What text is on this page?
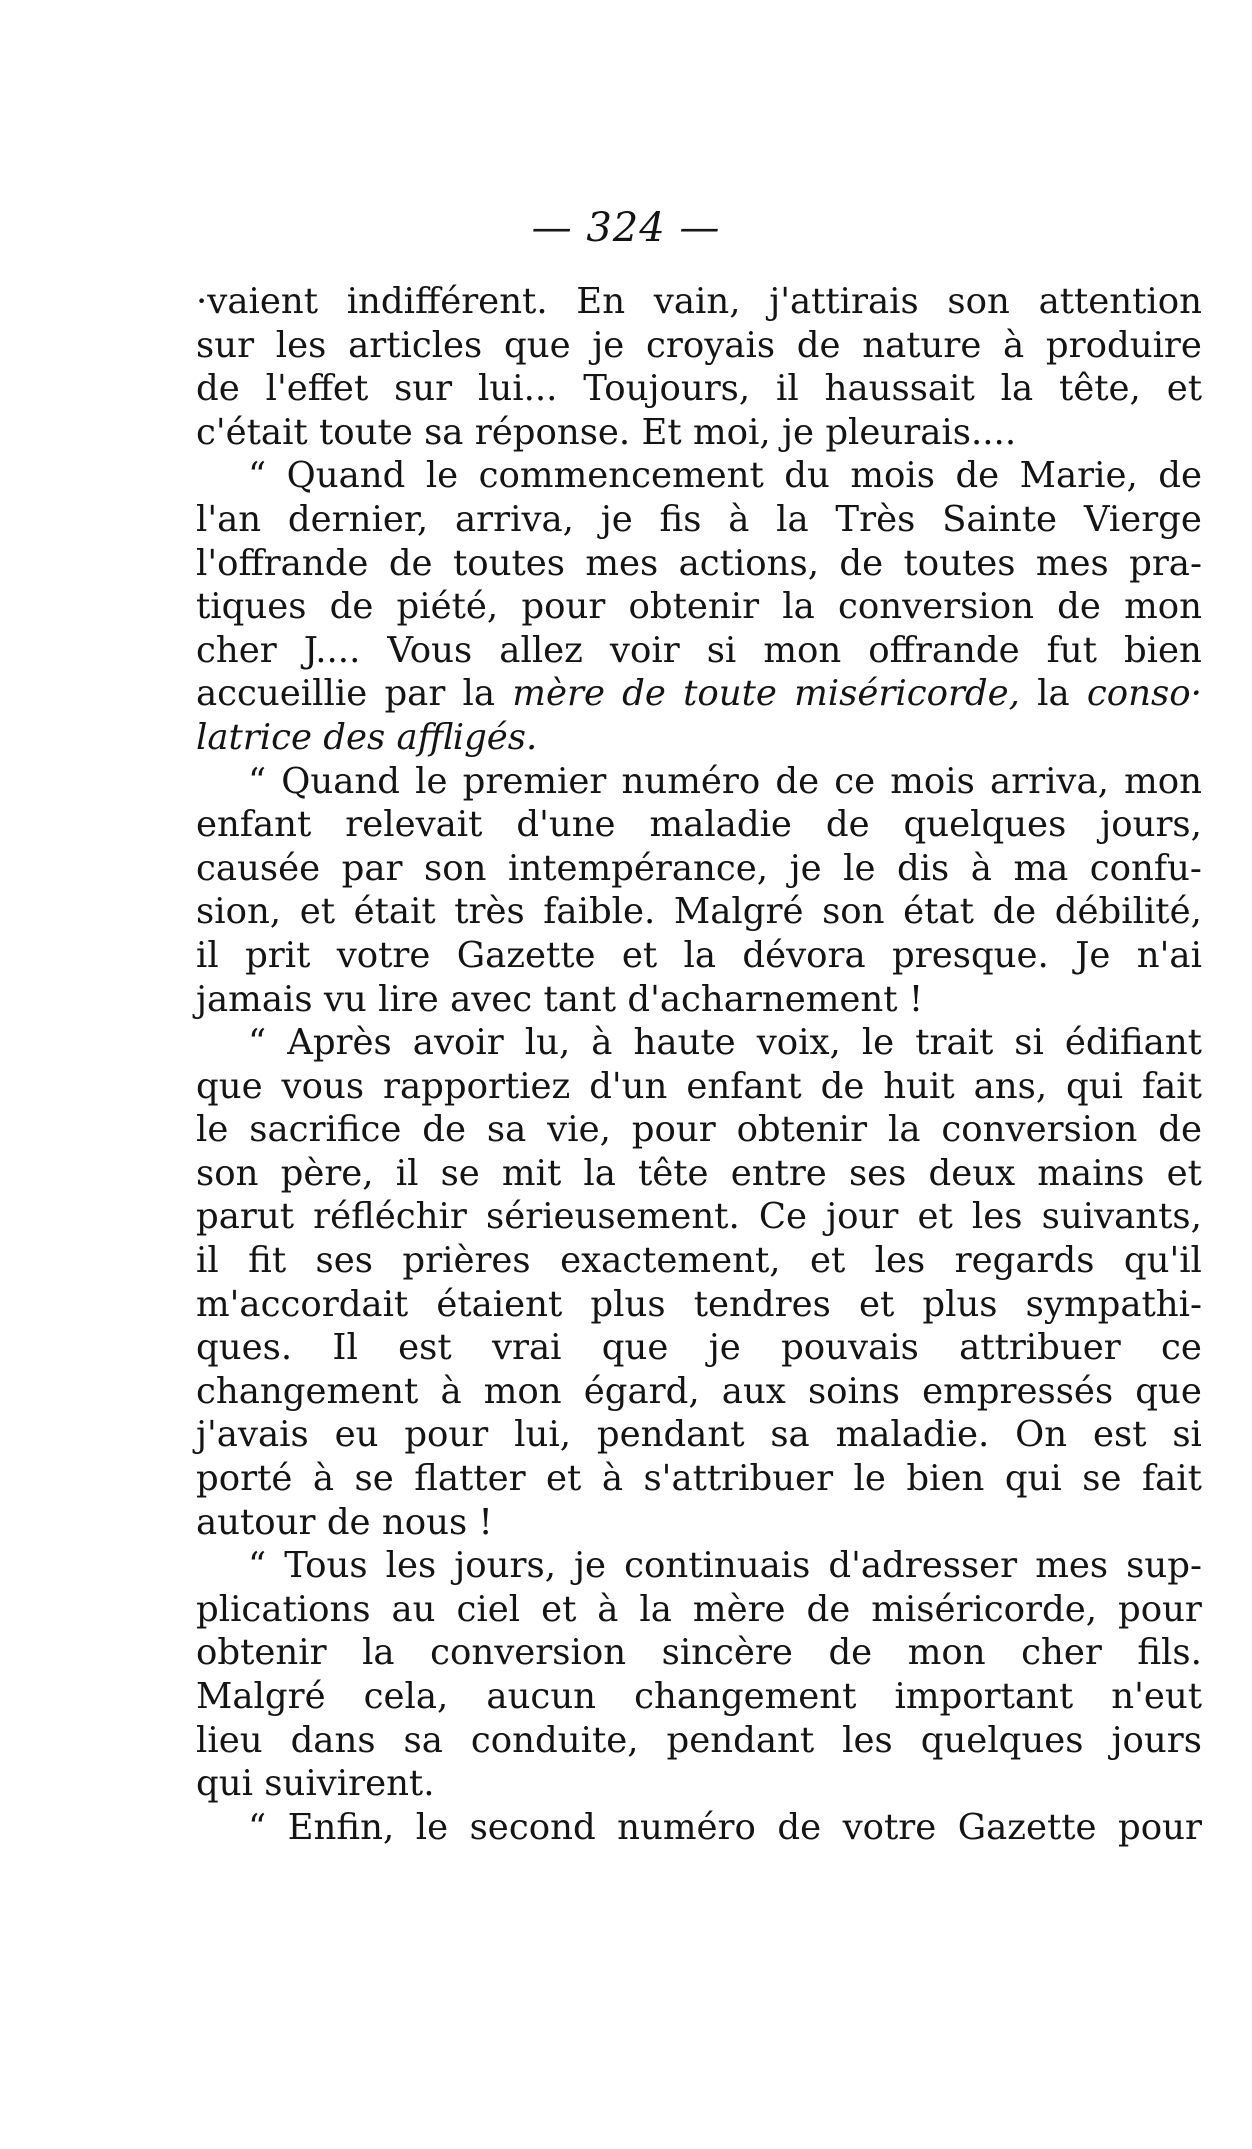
— 324 —
·vaient indifférent. En vain, j'attirais son attention
sur les articles que je croyais de nature à produire
de l'effet sur lui... Toujours, il haussait la tête, et
c'était
toute
sa
réponse.
Et
moi,
je
pleurais....
“ Quand le commencement du mois de Marie, de
l'an dernier, arriva, je fis à la Très Sainte Vierge
l'offrande de toutes mes actions, de toutes mes pra-
tiques de piété, pour obtenir la conversion de mon
cher J.... Vous allez voir si mon offrande fut bien
accueillie par la mère de toute miséricorde, la conso·
latrice
des
affligés.
“ Quand le premier numéro de ce mois arriva, mon
enfant relevait d'une maladie de quelques jours,
causée par son intempérance, je le dis à ma confu-
sion, et était très faible. Malgré son état de débilité,
il prit votre Gazette et la dévora presque. Je n'ai
jamais
vu
lire
avec
tant
d'acharnement
!
“ Après avoir lu, à haute voix, le trait si édifiant
que vous rapportiez d'un enfant de huit ans, qui fait
le sacrifice de sa vie, pour obtenir la conversion de
son père, il se mit la tête entre ses deux mains et
parut réfléchir sérieusement. Ce jour et les suivants,
il fit ses prières exactement, et les regards qu'il
m'accordait étaient plus tendres et plus sympathi-
ques. Il est vrai que je pouvais attribuer ce
changement à mon égard, aux soins empressés que
j'avais eu pour lui, pendant sa maladie. On est si
porté à se flatter et à s'attribuer le bien qui se fait
autour
de
nous
!
“ Tous les jours, je continuais d'adresser mes sup-
plications au ciel et à la mère de miséricorde, pour
obtenir la conversion sincère de mon cher fils.
Malgré cela, aucun changement important n'eut
lieu dans sa conduite, pendant les quelques jours
qui
suivirent.
“ Enfin, le second numéro de votre Gazette pour
